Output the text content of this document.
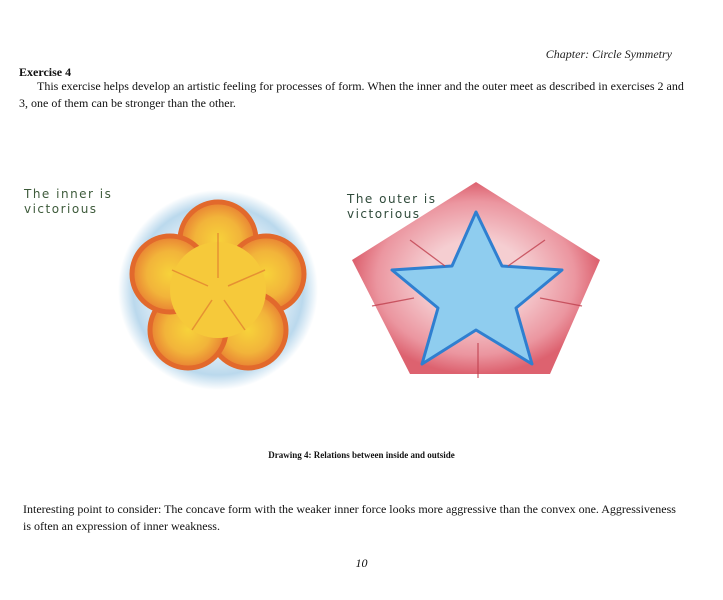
Chapter: Circle Symmetry
Exercise 4
This exercise helps develop an artistic feeling for processes of form. When the inner and the outer meet as described in exercises 2 and 3, one of them can be stronger than the other.
The inner is
victorious
The outer is
victorious
Drawing 4: Relations between inside and outside
Interesting point to consider: The concave form with the weaker inner force looks more aggressive than the convex one. Aggressiveness is often an expression of inner weakness.
10
